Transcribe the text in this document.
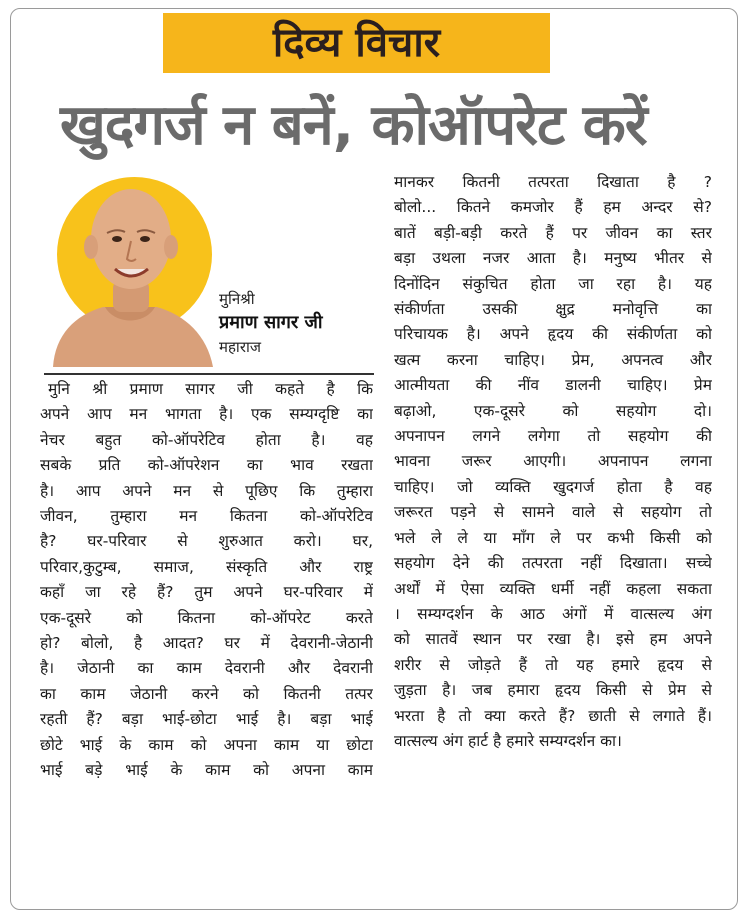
दिव्य विचार
खुदगर्ज न बनें, कोऑपरेट करें
मुनिश्री
प्रमाण सागर जी
महाराज
मुनि श्री प्रमाण सागर जी कहते है कि
अपने आप मन भागता है। एक सम्यग्दृष्टि का
नेचर बहुत को-ऑपरेटिव होता है। वह
सबके प्रति को-ऑपरेशन का भाव रखता
है। आप अपने मन से पूछिए कि तुम्हारा
जीवन, तुम्हारा मन कितना को-ऑपरेटिव
है? घर-परिवार से शुरुआत करो। घर,
परिवार,कुटुम्ब, समाज, संस्कृति और राष्ट्र
कहाँ जा रहे हैं? तुम अपने घर-परिवार में
एक-दूसरे को कितना को-ऑपरेट करते
हो? बोलो, है आदत? घर में देवरानी-जेठानी
है। जेठानी का काम देवरानी और देवरानी
का काम जेठानी करने को कितनी तत्पर
रहती हैं? बड़ा भाई-छोटा भाई है। बड़ा भाई
छोटे भाई के काम को अपना काम या छोटा
भाई बड़े भाई के काम को अपना काम
मानकर कितनी तत्परता दिखाता है ?
बोलो... कितने कमजोर हैं हम अन्दर से?
बातें बड़ी-बड़ी करते हैं पर जीवन का स्तर
बड़ा उथला नजर आता है। मनुष्य भीतर से
दिनोंदिन संकुचित होता जा रहा है। यह
संकीर्णता उसकी क्षुद्र मनोवृत्ति का
परिचायक है। अपने हृदय की संकीर्णता को
खत्म करना चाहिए। प्रेम, अपनत्व और
आत्मीयता की नींव डालनी चाहिए। प्रेम
बढ़ाओ, एक-दूसरे को सहयोग दो।
अपनापन लगने लगेगा तो सहयोग की
भावना जरूर आएगी। अपनापन लगना
चाहिए। जो व्यक्ति खुदगर्ज होता है वह
जरूरत पड़ने से सामने वाले से सहयोग तो
भले ले ले या माँग ले पर कभी किसी को
सहयोग देने की तत्परता नहीं दिखाता। सच्चे
अर्थों में ऐसा व्यक्ति धर्मी नहीं कहला सकता
। सम्यग्दर्शन के आठ अंगों में वात्सल्य अंग
को सातवें स्थान पर रखा है। इसे हम अपने
शरीर से जोड़ते हैं तो यह हमारे हृदय से
जुड़ता है। जब हमारा हृदय किसी से प्रेम से
भरता है तो क्या करते हैं? छाती से लगाते हैं।
वात्सल्य अंग हार्ट है हमारे सम्यग्दर्शन का।
